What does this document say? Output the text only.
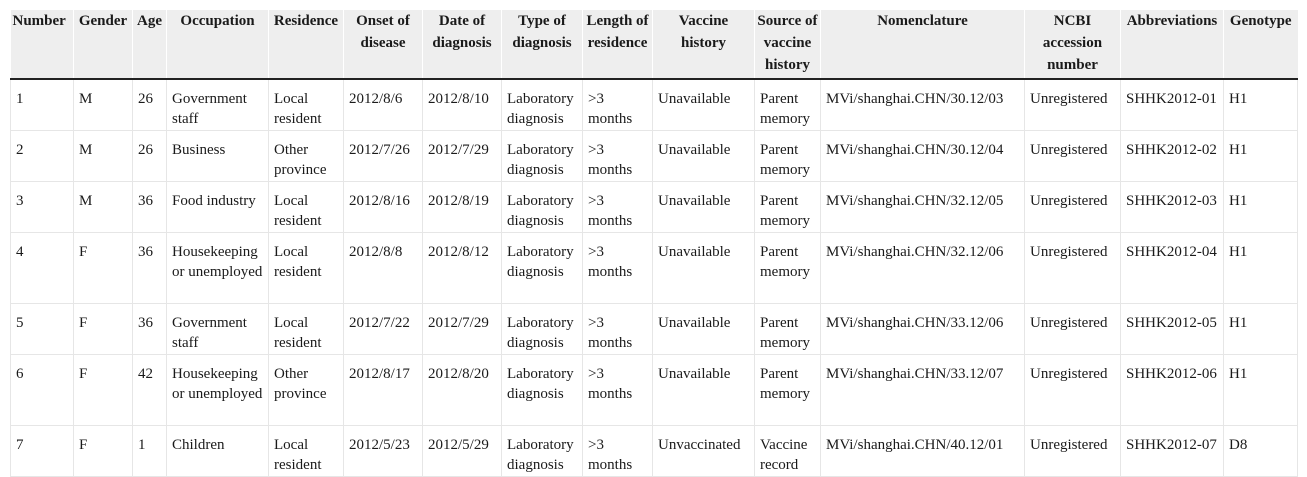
Number	Gender	Age	Occupation	Residence	Onset of disease	Date of diagnosis	Type of diagnosis	Length of residence	Vaccine history	Source of vaccine history	Nomenclature	NCBI accession number	Abbreviations	Genotype
1	M	26	Government staff	Local resident	2012/8/6	2012/8/10	Laboratory diagnosis	>3 months	Unavailable	Parent memory	MVi/shanghai.CHN/30.12/03	Unregistered	SHHK2012-01	H1
2	M	26	Business	Other province	2012/7/26	2012/7/29	Laboratory diagnosis	>3 months	Unavailable	Parent memory	MVi/shanghai.CHN/30.12/04	Unregistered	SHHK2012-02	H1
3	M	36	Food industry	Local resident	2012/8/16	2012/8/19	Laboratory diagnosis	>3 months	Unavailable	Parent memory	MVi/shanghai.CHN/32.12/05	Unregistered	SHHK2012-03	H1
4	F	36	Housekeeping or unemployed	Local resident	2012/8/8	2012/8/12	Laboratory diagnosis	>3 months	Unavailable	Parent memory	MVi/shanghai.CHN/32.12/06	Unregistered	SHHK2012-04	H1
5	F	36	Government staff	Local resident	2012/7/22	2012/7/29	Laboratory diagnosis	>3 months	Unavailable	Parent memory	MVi/shanghai.CHN/33.12/06	Unregistered	SHHK2012-05	H1
6	F	42	Housekeeping or unemployed	Other province	2012/8/17	2012/8/20	Laboratory diagnosis	>3 months	Unavailable	Parent memory	MVi/shanghai.CHN/33.12/07	Unregistered	SHHK2012-06	H1
7	F	1	Children	Local resident	2012/5/23	2012/5/29	Laboratory diagnosis	>3 months	Unvaccinated	Vaccine record	MVi/shanghai.CHN/40.12/01	Unregistered	SHHK2012-07	D8
